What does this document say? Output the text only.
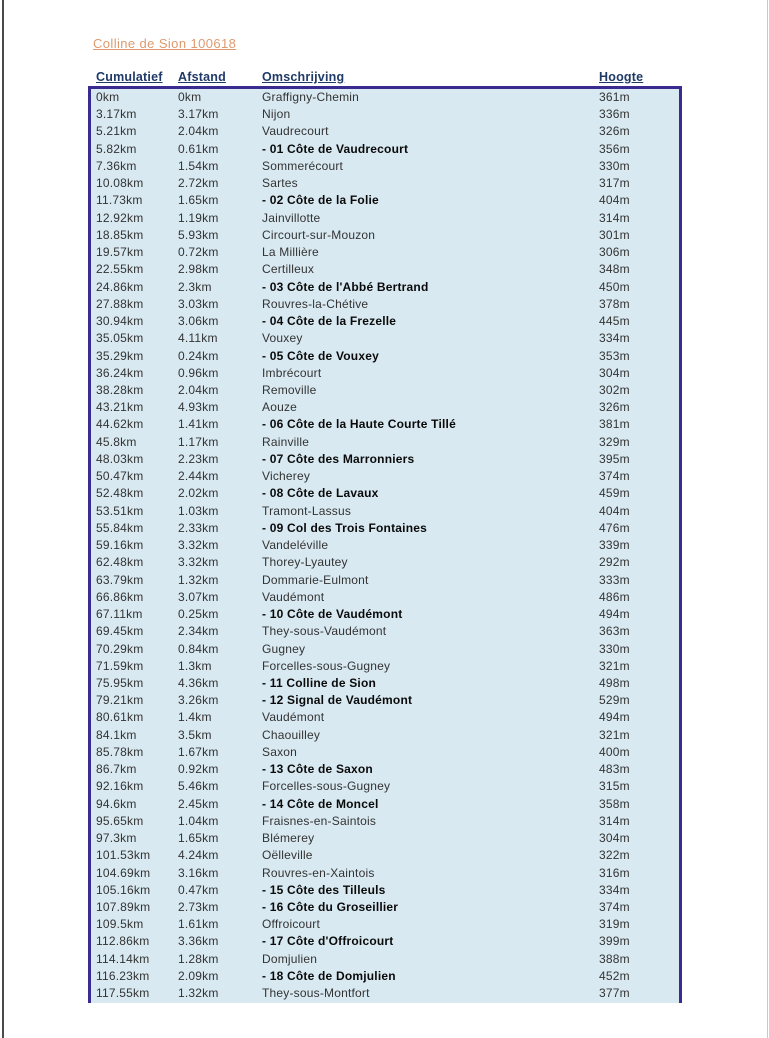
Colline de Sion 100618
Cumulatief	Afstand	Omschrijving	Hoogte
0km	0km	Graffigny-Chemin	361m
3.17km	3.17km	Nijon	336m
5.21km	2.04km	Vaudrecourt	326m
5.82km	0.61km	- 01 Côte de Vaudrecourt	356m
7.36km	1.54km	Sommerécourt	330m
10.08km	2.72km	Sartes	317m
11.73km	1.65km	- 02 Côte de la Folie	404m
12.92km	1.19km	Jainvillotte	314m
18.85km	5.93km	Circourt-sur-Mouzon	301m
19.57km	0.72km	La Millière	306m
22.55km	2.98km	Certilleux	348m
24.86km	2.3km	- 03 Côte de l'Abbé Bertrand	450m
27.88km	3.03km	Rouvres-la-Chétive	378m
30.94km	3.06km	- 04 Côte de la Frezelle	445m
35.05km	4.11km	Vouxey	334m
35.29km	0.24km	- 05 Côte de Vouxey	353m
36.24km	0.96km	Imbrécourt	304m
38.28km	2.04km	Removille	302m
43.21km	4.93km	Aouze	326m
44.62km	1.41km	- 06 Côte de la Haute Courte Tillé	381m
45.8km	1.17km	Rainville	329m
48.03km	2.23km	- 07 Côte des Marronniers	395m
50.47km	2.44km	Vicherey	374m
52.48km	2.02km	- 08 Côte de Lavaux	459m
53.51km	1.03km	Tramont-Lassus	404m
55.84km	2.33km	- 09 Col des Trois Fontaines	476m
59.16km	3.32km	Vandeléville	339m
62.48km	3.32km	Thorey-Lyautey	292m
63.79km	1.32km	Dommarie-Eulmont	333m
66.86km	3.07km	Vaudémont	486m
67.11km	0.25km	- 10 Côte de Vaudémont	494m
69.45km	2.34km	They-sous-Vaudémont	363m
70.29km	0.84km	Gugney	330m
71.59km	1.3km	Forcelles-sous-Gugney	321m
75.95km	4.36km	- 11 Colline de Sion	498m
79.21km	3.26km	- 12 Signal de Vaudémont	529m
80.61km	1.4km	Vaudémont	494m
84.1km	3.5km	Chaouilley	321m
85.78km	1.67km	Saxon	400m
86.7km	0.92km	- 13 Côte de Saxon	483m
92.16km	5.46km	Forcelles-sous-Gugney	315m
94.6km	2.45km	- 14 Côte de Moncel	358m
95.65km	1.04km	Fraisnes-en-Saintois	314m
97.3km	1.65km	Blémerey	304m
101.53km	4.24km	Oëlleville	322m
104.69km	3.16km	Rouvres-en-Xaintois	316m
105.16km	0.47km	- 15 Côte des Tilleuls	334m
107.89km	2.73km	- 16 Côte du Groseillier	374m
109.5km	1.61km	Offroicourt	319m
112.86km	3.36km	- 17 Côte d'Offroicourt	399m
114.14km	1.28km	Domjulien	388m
116.23km	2.09km	- 18 Côte de Domjulien	452m
117.55km	1.32km	They-sous-Montfort	377m
